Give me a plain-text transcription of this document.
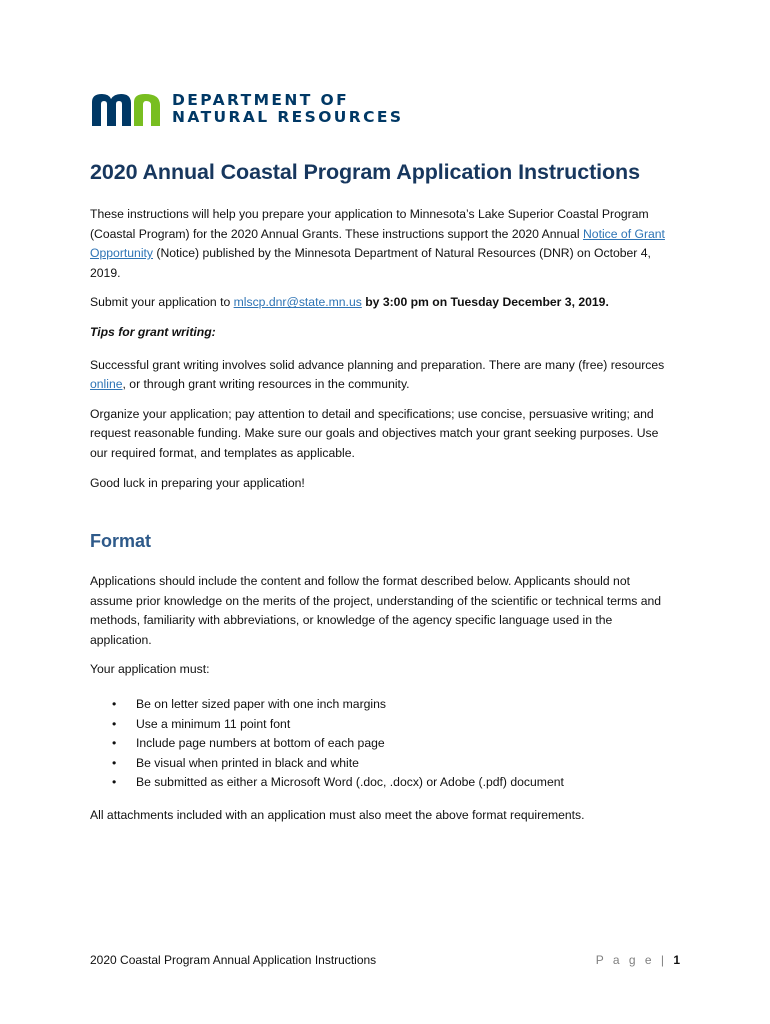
DEPARTMENT OF
NATURAL RESOURCES
2020 Annual Coastal Program Application Instructions

These instructions will help you prepare your application to Minnesota’s Lake Superior Coastal Program (Coastal Program) for the 2020 Annual Grants. These instructions support the 2020 Annual Notice of Grant Opportunity (Notice) published by the Minnesota Department of Natural Resources (DNR) on October 4, 2019.

Submit your application to mlscp.dnr@state.mn.us by 3:00 pm on Tuesday December 3, 2019.

Tips for grant writing:

Successful grant writing involves solid advance planning and preparation. There are many (free) resources online, or through grant writing resources in the community.

Organize your application; pay attention to detail and specifications; use concise, persuasive writing; and request reasonable funding. Make sure our goals and objectives match your grant seeking purposes. Use our required format, and templates as applicable.

Good luck in preparing your application!

Format

Applications should include the content and follow the format described below. Applicants should not assume prior knowledge on the merits of the project, understanding of the scientific or technical terms and methods, familiarity with abbreviations, or knowledge of the agency specific language used in the application.

Your application must:

• Be on letter sized paper with one inch margins
• Use a minimum 11 point font
• Include page numbers at bottom of each page
• Be visual when printed in black and white
• Be submitted as either a Microsoft Word (.doc, .docx) or Adobe (.pdf) document

All attachments included with an application must also meet the above format requirements.

2020 Coastal Program Annual Application Instructions	P a g e | 1
